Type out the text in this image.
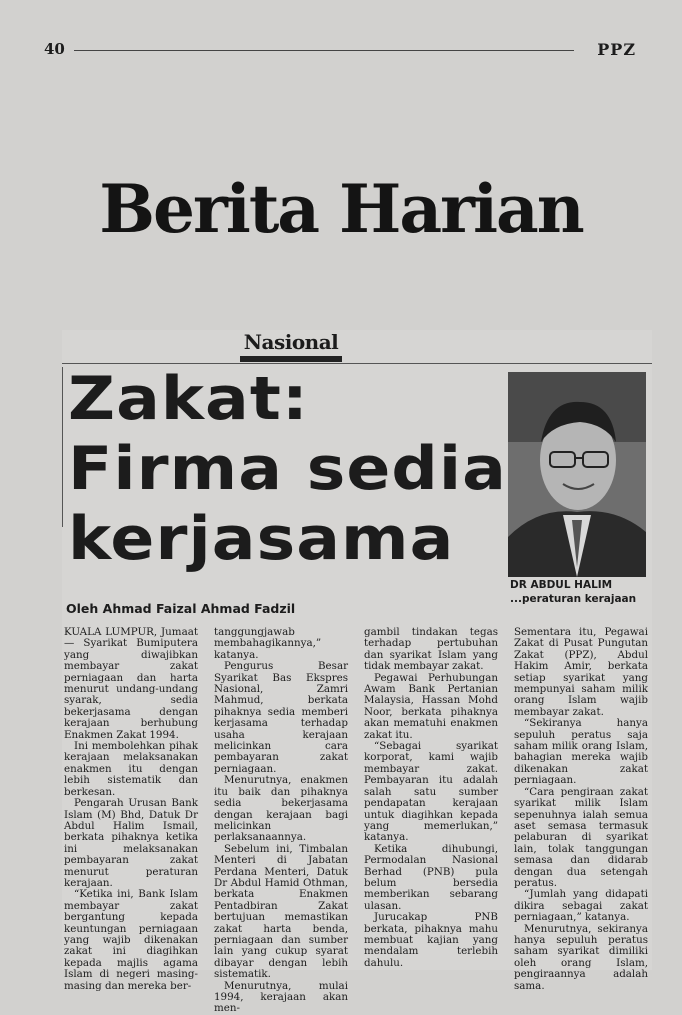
40	PPZ
Berita Harian
Nasional
Zakat:
Firma sedia
kerjasama
DR ABDUL HALIM
...peraturan kerajaan
Oleh Ahmad Faizal Ahmad Fadzil

KUALA LUMPUR, Jumaat — Syarikat Bumiputera yang diwajibkan membayar zakat perniagaan dan harta menurut undang-undang syarak, sedia bekerjasama dengan kerajaan berhubung Enakmen Zakat 1994.

Ini membolehkan pihak kerajaan melaksanakan enakmen itu dengan lebih sistematik dan berkesan.

Pengarah Urusan Bank Islam (M) Bhd, Datuk Dr Abdul Halim Ismail, berkata pihaknya ketika ini melaksanakan pembayaran zakat menurut peraturan kerajaan.

“Ketika ini, Bank Islam membayar zakat bergantung kepada keuntungan perniagaan yang wajib dikenakan zakat ini diagihkan kepada majlis agama Islam di negeri masing-masing dan mereka ber-

tanggungjawab membahagikannya,” katanya.

Pengurus Besar Syarikat Bas Ekspres Nasional, Zamri Mahmud, berkata pihaknya sedia memberi kerjasama terhadap usaha kerajaan melicinkan cara pembayaran zakat perniagaan.

Menurutnya, enakmen itu baik dan pihaknya sedia bekerjasama dengan kerajaan bagi melicinkan perlaksanaannya.

Sebelum ini, Timbalan Menteri di Jabatan Perdana Menteri, Datuk Dr Abdul Hamid Othman, berkata Enakmen Pentadbiran Zakat bertujuan memastikan zakat harta benda, perniagaan dan sumber lain yang cukup syarat dibayar dengan lebih sistematik.

Menurutnya, mulai 1994, kerajaan akan men-

gambil tindakan tegas terhadap pertubuhan dan syarikat Islam yang tidak membayar zakat.

Pegawai Perhubungan Awam Bank Pertanian Malaysia, Hassan Mohd Noor, berkata pihaknya akan mematuhi enakmen zakat itu.

“Sebagai syarikat korporat, kami wajib membayar zakat. Pembayaran itu adalah salah satu sumber pendapatan kerajaan untuk diagihkan kepada yang memerlukan,” katanya.

Ketika dihubungi, Permodalan Nasional Berhad (PNB) pula belum bersedia memberikan sebarang ulasan.

Jurucakap PNB berkata, pihaknya mahu membuat kajian yang mendalam terlebih dahulu.

Sementara itu, Pegawai Zakat di Pusat Pungutan Zakat (PPZ), Abdul Hakim Amir, berkata setiap syarikat yang mempunyai saham milik orang Islam wajib membayar zakat.

“Sekiranya hanya sepuluh peratus saja saham milik orang Islam, bahagian mereka wajib dikenakan zakat perniagaan.

“Cara pengiraan zakat syarikat milik Islam sepenuhnya ialah semua aset semasa termasuk pelaburan di syarikat lain, tolak tanggungan semasa dan didarab dengan dua setengah peratus.

“Jumlah yang didapati dikira sebagai zakat perniagaan,” katanya.

Menurutnya, sekiranya hanya sepuluh peratus saham syarikat dimiliki oleh orang Islam, pengiraannya adalah sama.
